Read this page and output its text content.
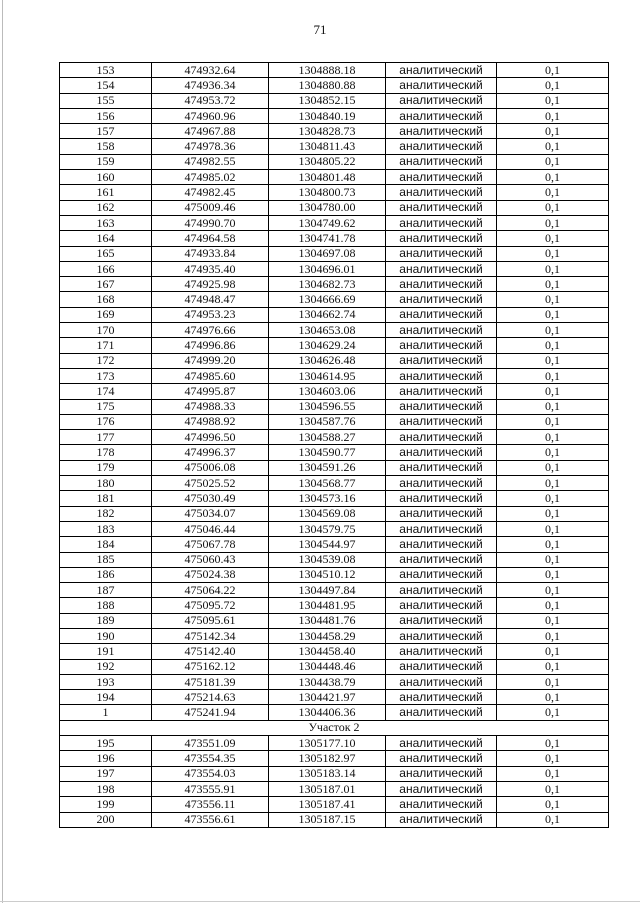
71
153	474932.64	1304888.18	аналитический	0,1
154	474936.34	1304880.88	аналитический	0,1
155	474953.72	1304852.15	аналитический	0,1
156	474960.96	1304840.19	аналитический	0,1
157	474967.88	1304828.73	аналитический	0,1
158	474978.36	1304811.43	аналитический	0,1
159	474982.55	1304805.22	аналитический	0,1
160	474985.02	1304801.48	аналитический	0,1
161	474982.45	1304800.73	аналитический	0,1
162	475009.46	1304780.00	аналитический	0,1
163	474990.70	1304749.62	аналитический	0,1
164	474964.58	1304741.78	аналитический	0,1
165	474933.84	1304697.08	аналитический	0,1
166	474935.40	1304696.01	аналитический	0,1
167	474925.98	1304682.73	аналитический	0,1
168	474948.47	1304666.69	аналитический	0,1
169	474953.23	1304662.74	аналитический	0,1
170	474976.66	1304653.08	аналитический	0,1
171	474996.86	1304629.24	аналитический	0,1
172	474999.20	1304626.48	аналитический	0,1
173	474985.60	1304614.95	аналитический	0,1
174	474995.87	1304603.06	аналитический	0,1
175	474988.33	1304596.55	аналитический	0,1
176	474988.92	1304587.76	аналитический	0,1
177	474996.50	1304588.27	аналитический	0,1
178	474996.37	1304590.77	аналитический	0,1
179	475006.08	1304591.26	аналитический	0,1
180	475025.52	1304568.77	аналитический	0,1
181	475030.49	1304573.16	аналитический	0,1
182	475034.07	1304569.08	аналитический	0,1
183	475046.44	1304579.75	аналитический	0,1
184	475067.78	1304544.97	аналитический	0,1
185	475060.43	1304539.08	аналитический	0,1
186	475024.38	1304510.12	аналитический	0,1
187	475064.22	1304497.84	аналитический	0,1
188	475095.72	1304481.95	аналитический	0,1
189	475095.61	1304481.76	аналитический	0,1
190	475142.34	1304458.29	аналитический	0,1
191	475142.40	1304458.40	аналитический	0,1
192	475162.12	1304448.46	аналитический	0,1
193	475181.39	1304438.79	аналитический	0,1
194	475214.63	1304421.97	аналитический	0,1
1	475241.94	1304406.36	аналитический	0,1
Участок 2				
195	473551.09	1305177.10	аналитический	0,1
196	473554.35	1305182.97	аналитический	0,1
197	473554.03	1305183.14	аналитический	0,1
198	473555.91	1305187.01	аналитический	0,1
199	473556.11	1305187.41	аналитический	0,1
200	473556.61	1305187.15	аналитический	0,1
